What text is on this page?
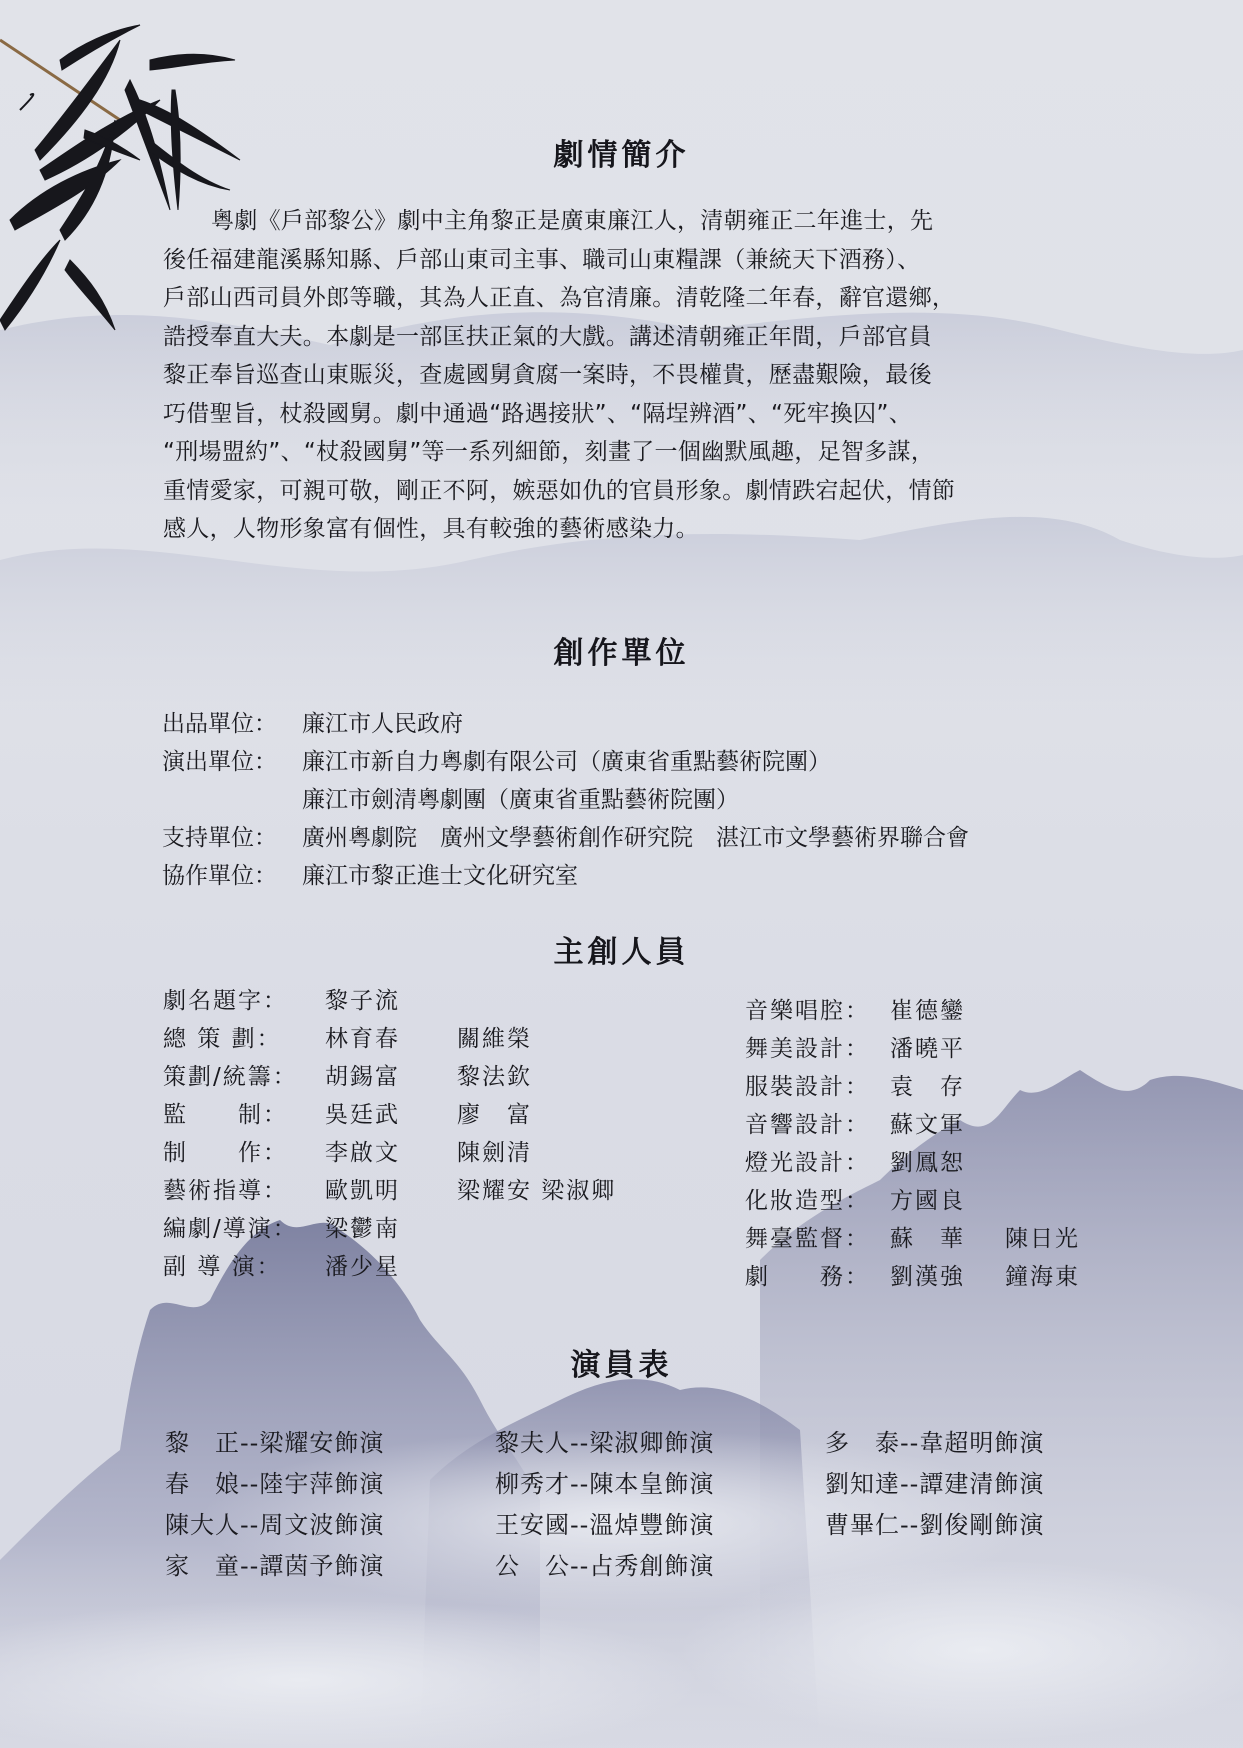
劇情簡介
粵劇《戶部黎公》劇中主角黎正是廣東廉江人，清朝雍正二年進士，先
後任福建龍溪縣知縣、戶部山東司主事、職司山東糧課（兼統天下酒務）、
戶部山西司員外郎等職，其為人正直、為官清廉。清乾隆二年春，辭官還鄉，
誥授奉直大夫。本劇是一部匡扶正氣的大戲。講述清朝雍正年間，戶部官員
黎正奉旨巡查山東賑災，查處國舅貪腐一案時，不畏權貴，歷盡艱險，最後
巧借聖旨，杖殺國舅。劇中通過“路遇接狀”、“隔埕辨酒”、“死牢換囚”、
“刑場盟約”、“杖殺國舅”等一系列細節，刻畫了一個幽默風趣，足智多謀，
重情愛家，可親可敬，剛正不阿，嫉惡如仇的官員形象。劇情跌宕起伏，情節
感人，人物形象富有個性，具有較強的藝術感染力。
創作單位
出品單位： 廉江市人民政府
演出單位： 廉江市新自力粵劇有限公司（廣東省重點藝術院團）
廉江市劍清粵劇團（廣東省重點藝術院團）
支持單位： 廣州粵劇院　廣州文學藝術創作研究院　湛江市文學藝術界聯合會
協作單位： 廉江市黎正進士文化研究室
主創人員
劇名題字： 黎子流
總 策 劃： 林育春 關維榮
策劃/統籌： 胡錫富 黎法欽
監　　制： 吳廷武 廖　富
制　　作： 李啟文 陳劍清
藝術指導： 歐凱明 梁耀安 梁淑卿
編劇/導演： 梁鬱南
副 導 演： 潘少星
音樂唱腔： 崔德鑾
舞美設計： 潘曉平
服裝設計： 袁　存
音響設計： 蘇文軍
燈光設計： 劉鳳恕
化妝造型： 方國良
舞臺監督： 蘇　華 陳日光
劇　　務： 劉漢強 鐘海東
演員表
黎　正--梁耀安飾演
春　娘--陸宇萍飾演
陳大人--周文波飾演
家　童--譚茵予飾演
黎夫人--梁淑卿飾演
柳秀才--陳本皇飾演
王安國--溫焯豐飾演
公　公--占秀創飾演
多　泰--韋超明飾演
劉知達--譚建清飾演
曹畢仁--劉俊剛飾演
